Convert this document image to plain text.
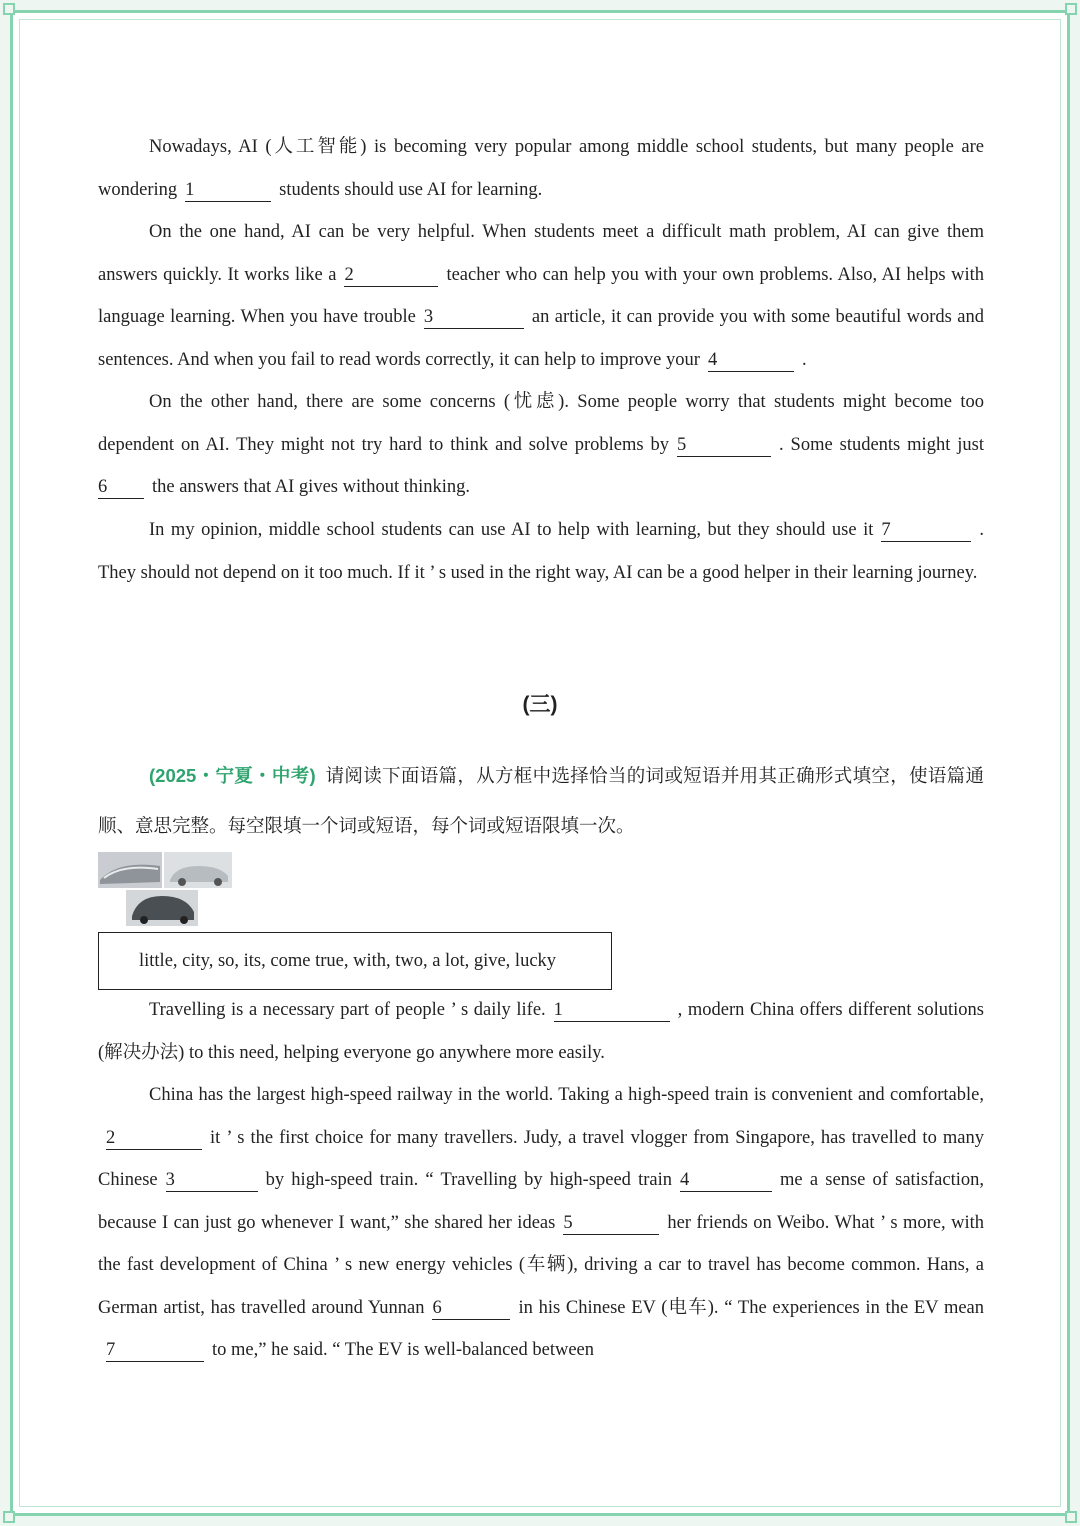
Nowadays, AI (人工智能) is becoming very popular among middle school students, but many people are wondering 1	students should use AI for learning.

On the one hand, AI can be very helpful. When students meet a difficult math problem, AI can give them answers quickly. It works like a 2	teacher who can help you with your own problems. Also, AI helps with language learning. When you have trouble 3	an article, it can provide you with some beautiful words and sentences. And when you fail to read words correctly, it can help to improve your 4	.

On the other hand, there are some concerns (忧虑). Some people worry that students might become too dependent on AI. They might not try hard to think and solve problems by 5	. Some students might just 6 the answers that AI gives without thinking.

In my opinion, middle school students can use AI to help with learning, but they should use it 7	. They should not depend on it too much. If it ’ s used in the right way, AI can be a good helper in their learning journey.

(三)

(2025・宁夏・中考) 请阅读下面语篇，从方框中选择恰当的词或短语并用其正确形式填空，使语篇通顺、意思完整。每空限填一个词或短语，每个词或短语限填一次。

little, city, so, its, come true, with, two, a lot, give, lucky

Travelling is a necessary part of people ’ s daily life. 1	, modern China offers different solutions (解决办法) to this need, helping everyone go anywhere more easily.

China has the largest high-speed railway in the world. Taking a high-speed train is convenient and comfortable,2	it ’ s the first choice for many travellers. Judy, a travel vlogger from Singapore, has travelled to many Chinese 3	by high-speed train. “ Travelling by high-speed train 4	me a sense of satisfaction, because I can just go whenever I want,” she shared her ideas 5	her friends on Weibo. What ’ s more, with the fast development of China ’ s new energy vehicles (车辆), driving a car to travel has become common. Hans, a German artist, has travelled around Yunnan 6	in his Chinese EV (电车). “ The experiences in the EV mean7	to me,” he said. “ The EV is well-balanced between
